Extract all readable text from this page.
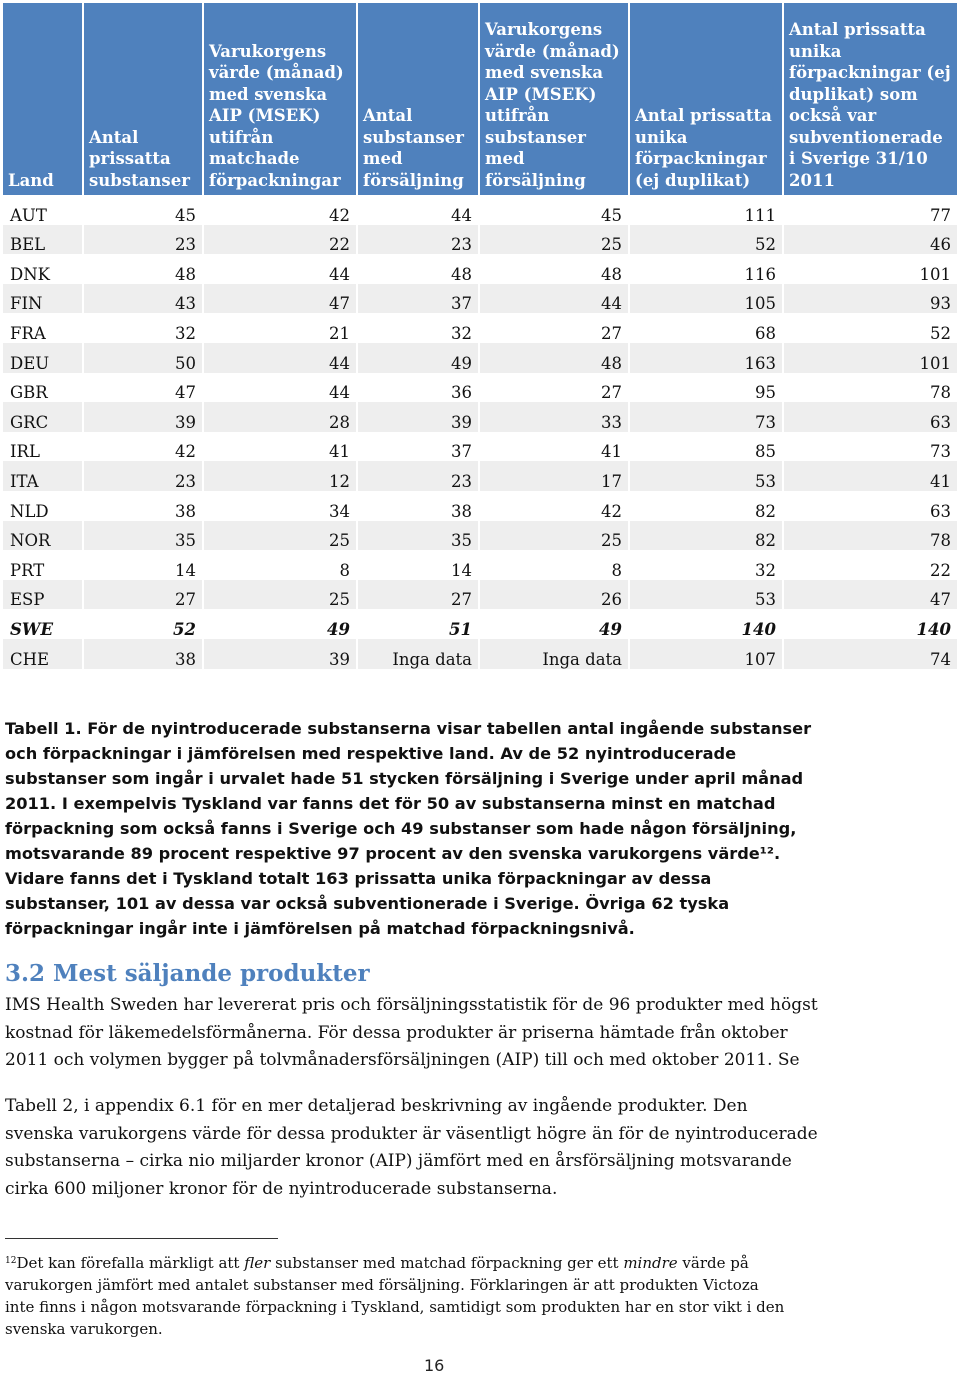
Land	Antal prissatta substanser	Varukorgens värde (månad) med svenska AIP (MSEK) utifrån matchade förpackningar	Antal substanser med försäljning	Varukorgens värde (månad) med svenska AIP (MSEK) utifrån substanser med försäljning	Antal prissatta unika förpackningar (ej duplikat)	Antal prissatta unika förpackningar (ej duplikat) som också var subventionerade i Sverige 31/10 2011
AUT	45	42	44	45	111	77
BEL	23	22	23	25	52	46
DNK	48	44	48	48	116	101
FIN	43	47	37	44	105	93
FRA	32	21	32	27	68	52
DEU	50	44	49	48	163	101
GBR	47	44	36	27	95	78
GRC	39	28	39	33	73	63
IRL	42	41	37	41	85	73
ITA	23	12	23	17	53	41
NLD	38	34	38	42	82	63
NOR	35	25	35	25	82	78
PRT	14	8	14	8	32	22
ESP	27	25	27	26	53	47
SWE	52	49	51	49	140	140
CHE	38	39	Inga data	Inga data	107	74
Tabell 1. För de nyintroducerade substanserna visar tabellen antal ingående substanser
och förpackningar i jämförelsen med respektive land. Av de 52 nyintroducerade
substanser som ingår i urvalet hade 51 stycken försäljning i Sverige under april månad
2011. I exempelvis Tyskland var fanns det för 50 av substanserna minst en matchad
förpackning som också fanns i Sverige och 49 substanser som hade någon försäljning,
motsvarande 89 procent respektive 97 procent av den svenska varukorgens värde¹².
Vidare fanns det i Tyskland totalt 163 prissatta unika förpackningar av dessa
substanser, 101 av dessa var också subventionerade i Sverige. Övriga 62 tyska
förpackningar ingår inte i jämförelsen på matchad förpackningsnivå.
3.2 Mest säljande produkter
IMS Health Sweden har levererat pris och försäljningsstatistik för de 96 produkter med högst
kostnad för läkemedelsförmånerna. För dessa produkter är priserna hämtade från oktober
2011 och volymen bygger på tolvmånadersförsäljningen (AIP) till och med oktober 2011. Se
Tabell 2, i appendix 6.1 för en mer detaljerad beskrivning av ingående produkter. Den
svenska varukorgens värde för dessa produkter är väsentligt högre än för de nyintroducerade
substanserna – cirka nio miljarder kronor (AIP) jämfört med en årsförsäljning motsvarande
cirka 600 miljoner kronor för de nyintroducerade substanserna.
$^{12}$Det kan förefalla märkligt att fler substanser med matchad förpackning ger ett mindre värde på
varukorgen jämfört med antalet substanser med försäljning. Förklaringen är att produkten Victoza
inte finns i någon motsvarande förpackning i Tyskland, samtidigt som produkten har en stor vikt i den
svenska varukorgen.
16
